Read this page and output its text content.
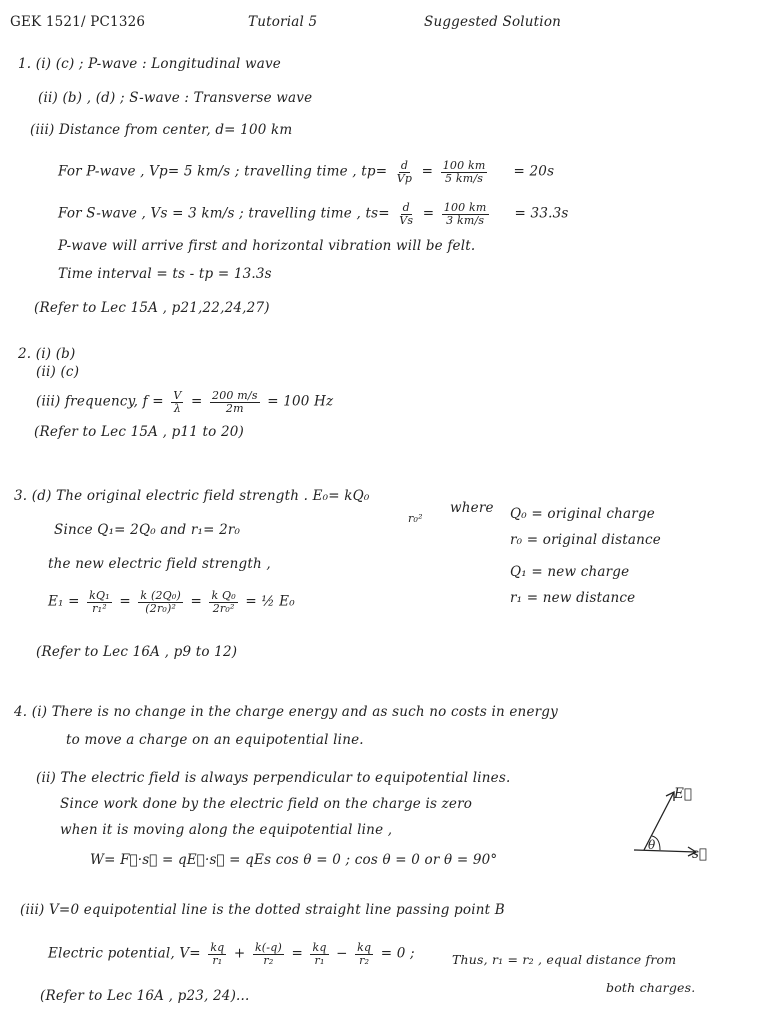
GEK 1521/ PC1326	Tutorial 5	Suggested Solution
1. (i) (c) ; P-wave : Longitudinal wave
(ii) (b) , (d) ; S-wave : Transverse wave
(iii) Distance from center, d= 100 km
For P-wave , Vp= 5 km/s ; travelling time , $tp= \frac{d}{Vp} = \frac{100 km}{5 km/s} = 20s$
For S-wave , Vs = 3 km/s ; travelling time , $ts= \frac{d}{Vs} = \frac{100 km}{3 km/s} = 33.3s$
P-wave will arrive first and horizontal vibration will be felt.
Time interval = ts - tp = 13.3s
(Refer to Lec 15A , p21,22,24,27)
2. (i) (b)
(ii) (c)
(iii) frequency, $f = \frac{V}{\lambda} = \frac{200 m/s}{2m} = 100$ Hz
(Refer to Lec 15A , p11 to 20)
3. (d) The original electric field strength . E₀= kQ₀
r₀²
where
Since Q₁= 2Q₀ and r₁= 2r₀
the new electric field strength ,
$E_1 = \frac{\text{kQ₁}}{\text{r₁²}} = \frac{\text{k (2Q₀)}}{\text{(2r₀)²}} = \frac{\text{k Q₀}}{\text{2r₀²}}$ = ½ E₀
Q₀ = original charge
r₀ = original distance
Q₁ = new charge
r₁ = new distance
(Refer to Lec 16A , p9 to 12)
4. (i) There is no change in the charge energy and as such no costs in energy
to move a charge on an equipotential line.
(ii) The electric field is always perpendicular to equipotential lines.
Since work done by the electric field on the charge is zero
when it is moving along the equipotential line ,
W= F⃗·s⃗ = qE⃗·s⃗ = qEs cos θ = 0 ; cos θ = 0 or θ = 90°
E⃗
θ
s⃗
(iii) V=0 equipotential line is the dotted straight line passing point B
Electric potential, $V= \frac{kq}{\text{r₁}} + \frac{k(-q)}{\text{r₂}} = \frac{kq}{\text{r₁}} - \frac{kq}{\text{r₂}} = 0$ ;	Thus, r₁ = r₂ , equal distance from
both charges.
(Refer to Lec 16A , p23, 24)...
